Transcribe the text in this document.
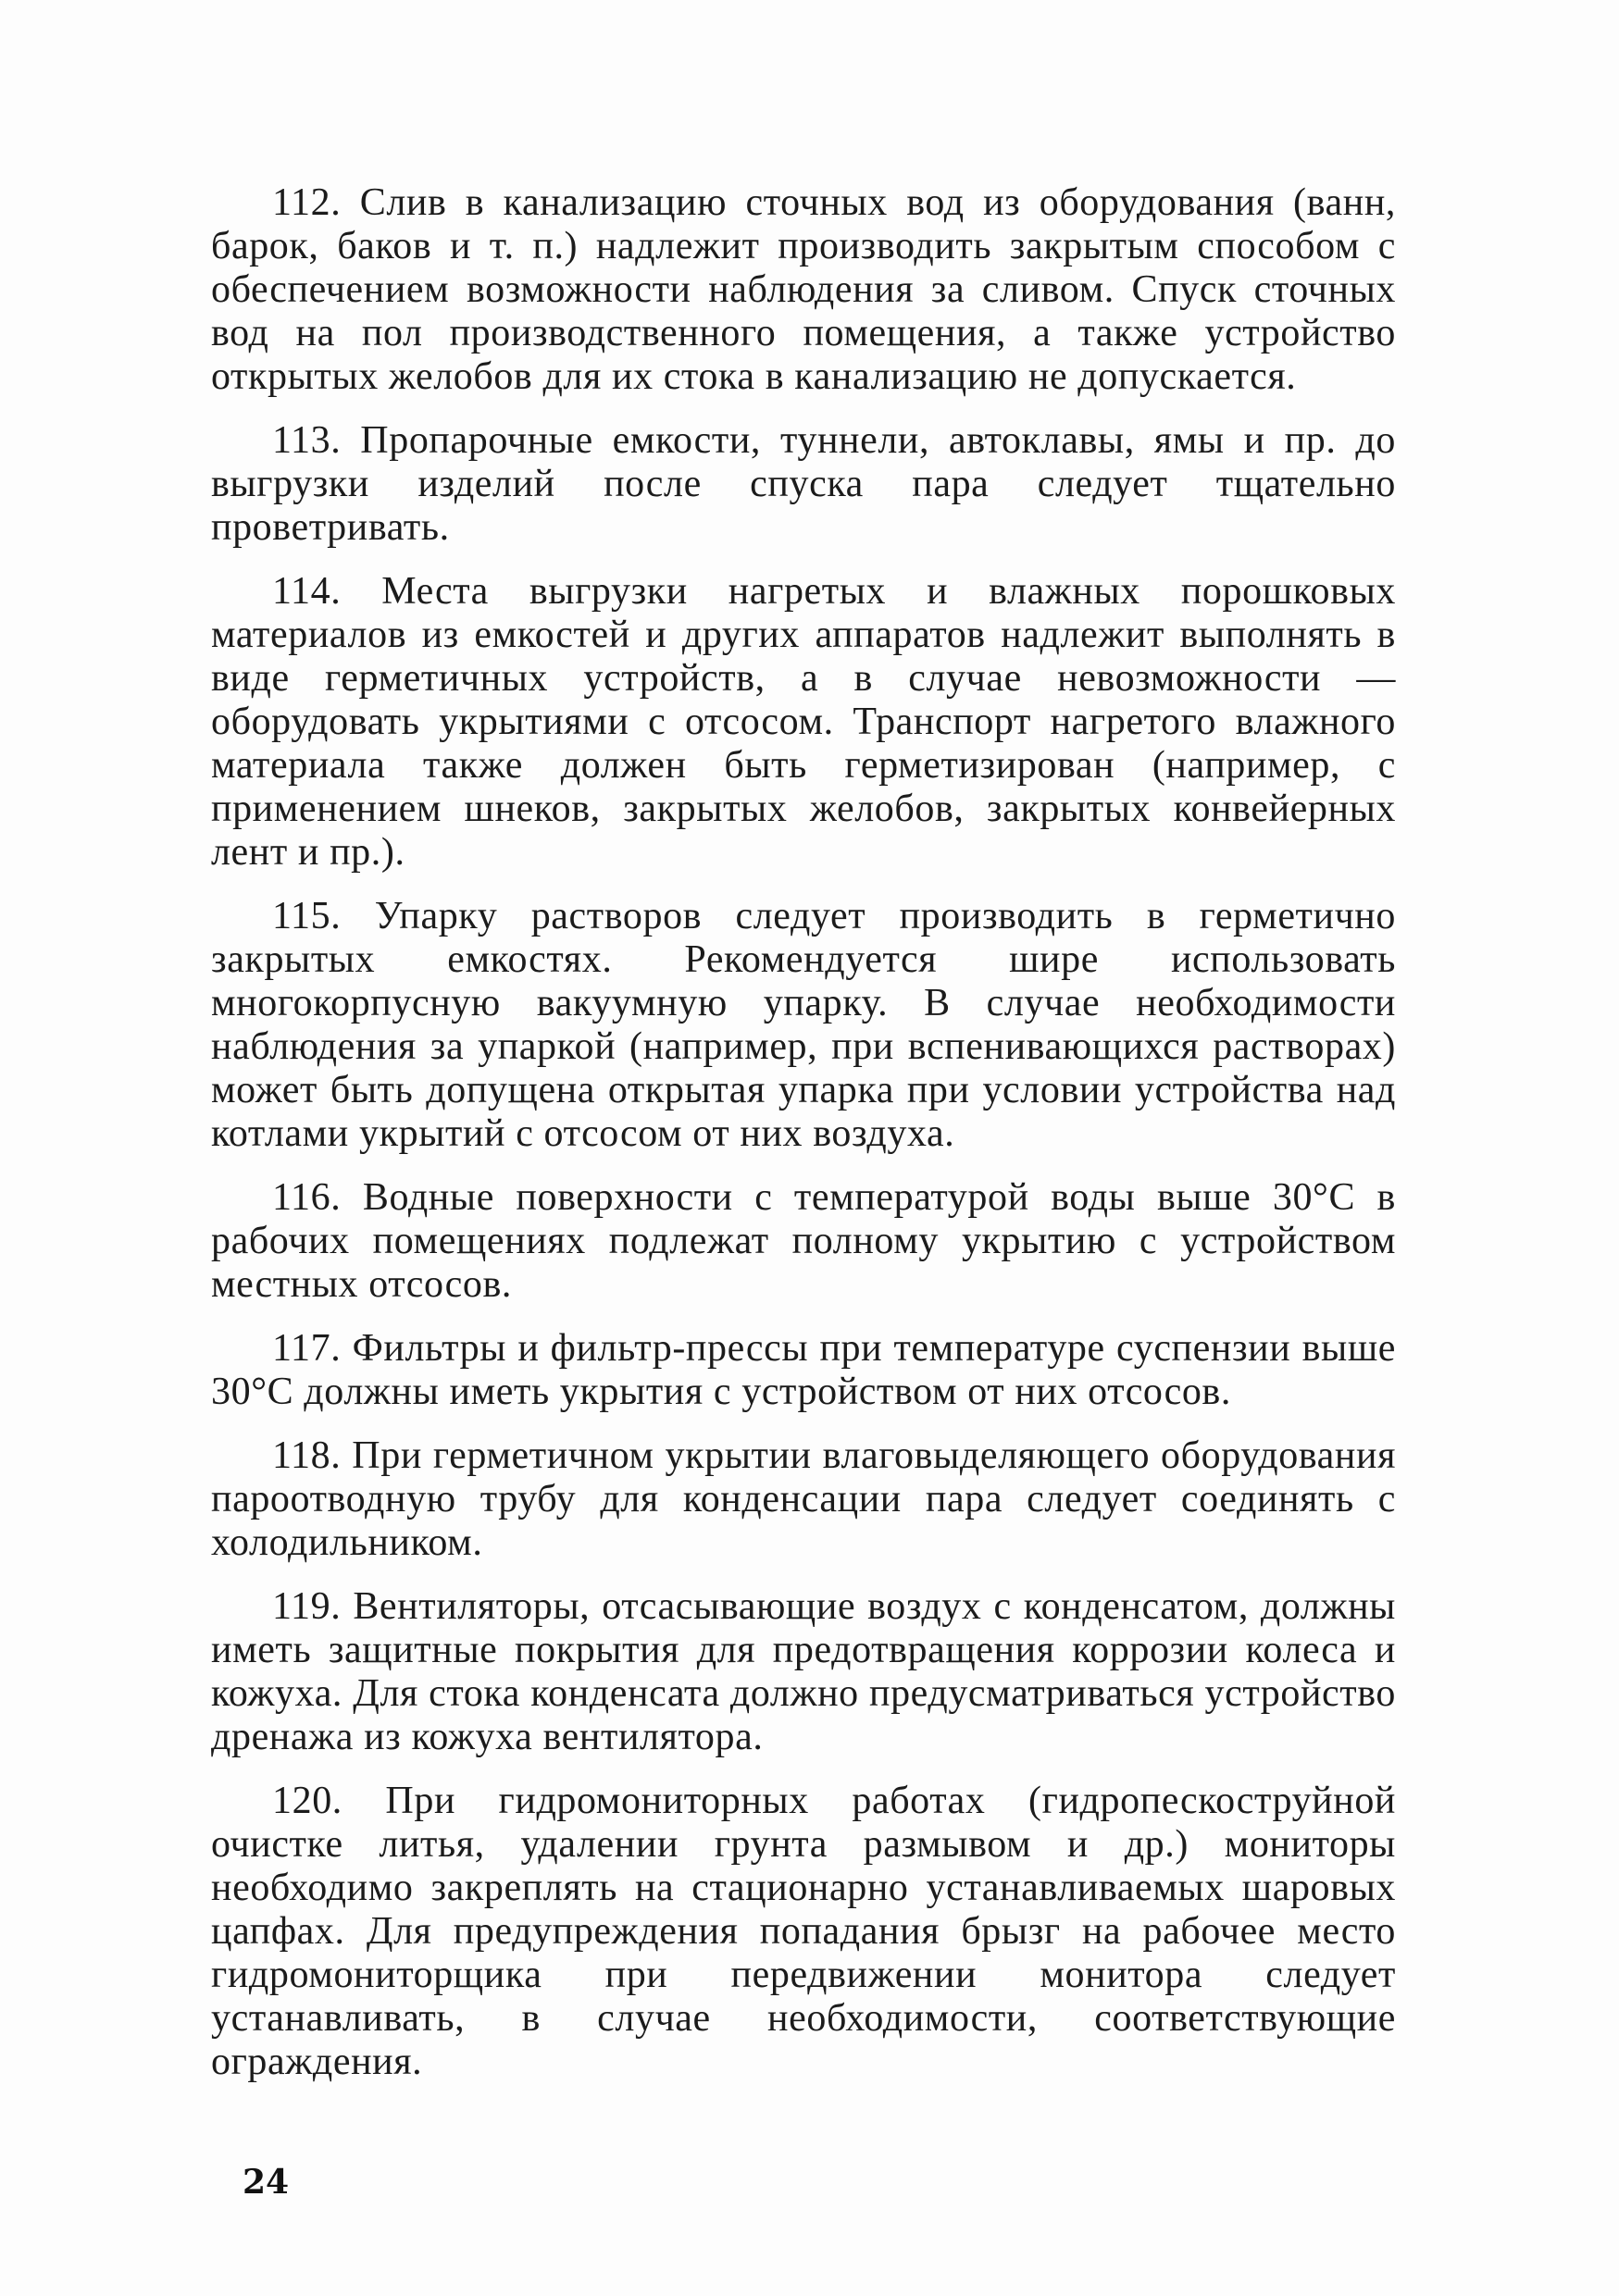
112. Слив в канализацию сточных вод из оборудования (ванн, барок, баков и т. п.) надлежит производить закрытым способом с обеспечением возможности наблюдения за сливом. Спуск сточных вод на пол производственного помещения, а также устройство открытых желобов для их стока в канализацию не допускается.

113. Пропарочные емкости, туннели, автоклавы, ямы и пр. до выгрузки изделий после спуска пара следует тщательно проветривать.

114. Места выгрузки нагретых и влажных порошковых материалов из емкостей и других аппаратов надлежит выполнять в виде герметичных устройств, а в случае невозможности — оборудовать укрытиями с отсосом. Транспорт нагретого влажного материала также должен быть герметизирован (например, с применением шнеков, закрытых желобов, закрытых конвейерных лент и пр.).

115. Упарку растворов следует производить в герметично закрытых емкостях. Рекомендуется шире использовать многокорпусную вакуумную упарку. В случае необходимости наблюдения за упаркой (например, при вспенивающихся растворах) может быть допущена открытая упарка при условии устройства над котлами укрытий с отсосом от них воздуха.

116. Водные поверхности с температурой воды выше 30°С в рабочих помещениях подлежат полному укрытию с устройством местных отсосов.

117. Фильтры и фильтр-прессы при температуре суспензии выше 30°С должны иметь укрытия с устройством от них отсосов.

118. При герметичном укрытии влаговыделяющего оборудования пароотводную трубу для конденсации пара следует соединять с холодильником.

119. Вентиляторы, отсасывающие воздух с конденсатом, должны иметь защитные покрытия для предотвращения коррозии колеса и кожуха. Для стока конденсата должно предусматриваться устройство дренажа из кожуха вентилятора.

120. При гидромониторных работах (гидропескоструйной очистке литья, удалении грунта размывом и др.) мониторы необходимо закреплять на стационарно устанавливаемых шаровых цапфах. Для предупреждения попадания брызг на рабочее место гидромониторщика при передвижении монитора следует устанавливать, в случае необходимости, соответствующие ограждения.

24
